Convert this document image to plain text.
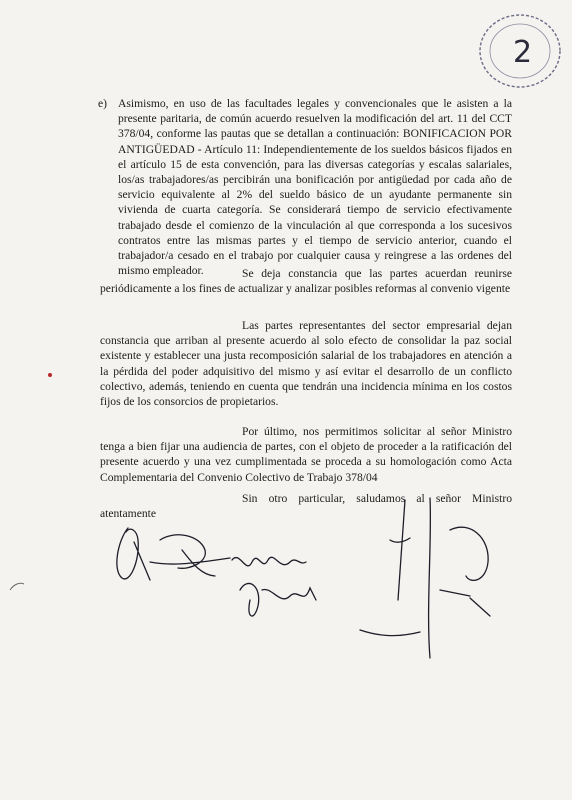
2
e) Asimismo, en uso de las facultades legales y convencionales que le asisten a la presente paritaria, de común acuerdo resuelven la modificación del art. 11 del CCT 378/04, conforme las pautas que se detallan a continuación: BONIFICACION POR ANTIGÜEDAD - Artículo 11: Independientemente de los sueldos básicos fijados en el artículo 15 de esta convención, para las diversas categorías y escalas salariales, los/as trabajadores/as percibirán una bonificación por antigüedad por cada año de servicio equivalente al 2% del sueldo básico de un ayudante permanente sin vivienda de cuarta categoría. Se considerará tiempo de servicio efectivamente trabajado desde el comienzo de la vinculación al que corresponda a los sucesivos contratos entre las mismas partes y el tiempo de servicio anterior, cuando el trabajador/a cesado en el trabajo por cualquier causa y reingrese a las ordenes del mismo empleador.	Se deja constancia que las partes acuerdan reunirse periódicamente a los fines de actualizar y analizar posibles reformas al convenio vigente
Las partes representantes del sector empresarial dejan constancia que arriban al presente acuerdo al solo efecto de consolidar la paz social existente y establecer una justa recomposición salarial de los trabajadores en atención a la pérdida del poder adquisitivo del mismo y así evitar el desarrollo de un conflicto colectivo, además, teniendo en cuenta que tendrán una incidencia mínima en los costos fijos de los consorcios de propietarios.
Por último, nos permitimos solicitar al señor Ministro tenga a bien fijar una audiencia de partes, con el objeto de proceder a la ratificación del presente acuerdo y una vez cumplimentada se proceda a su homologación como Acta Complementaria del Convenio Colectivo de Trabajo 378/04
Sin otro particular, saludamos al señor Ministro atentamente
